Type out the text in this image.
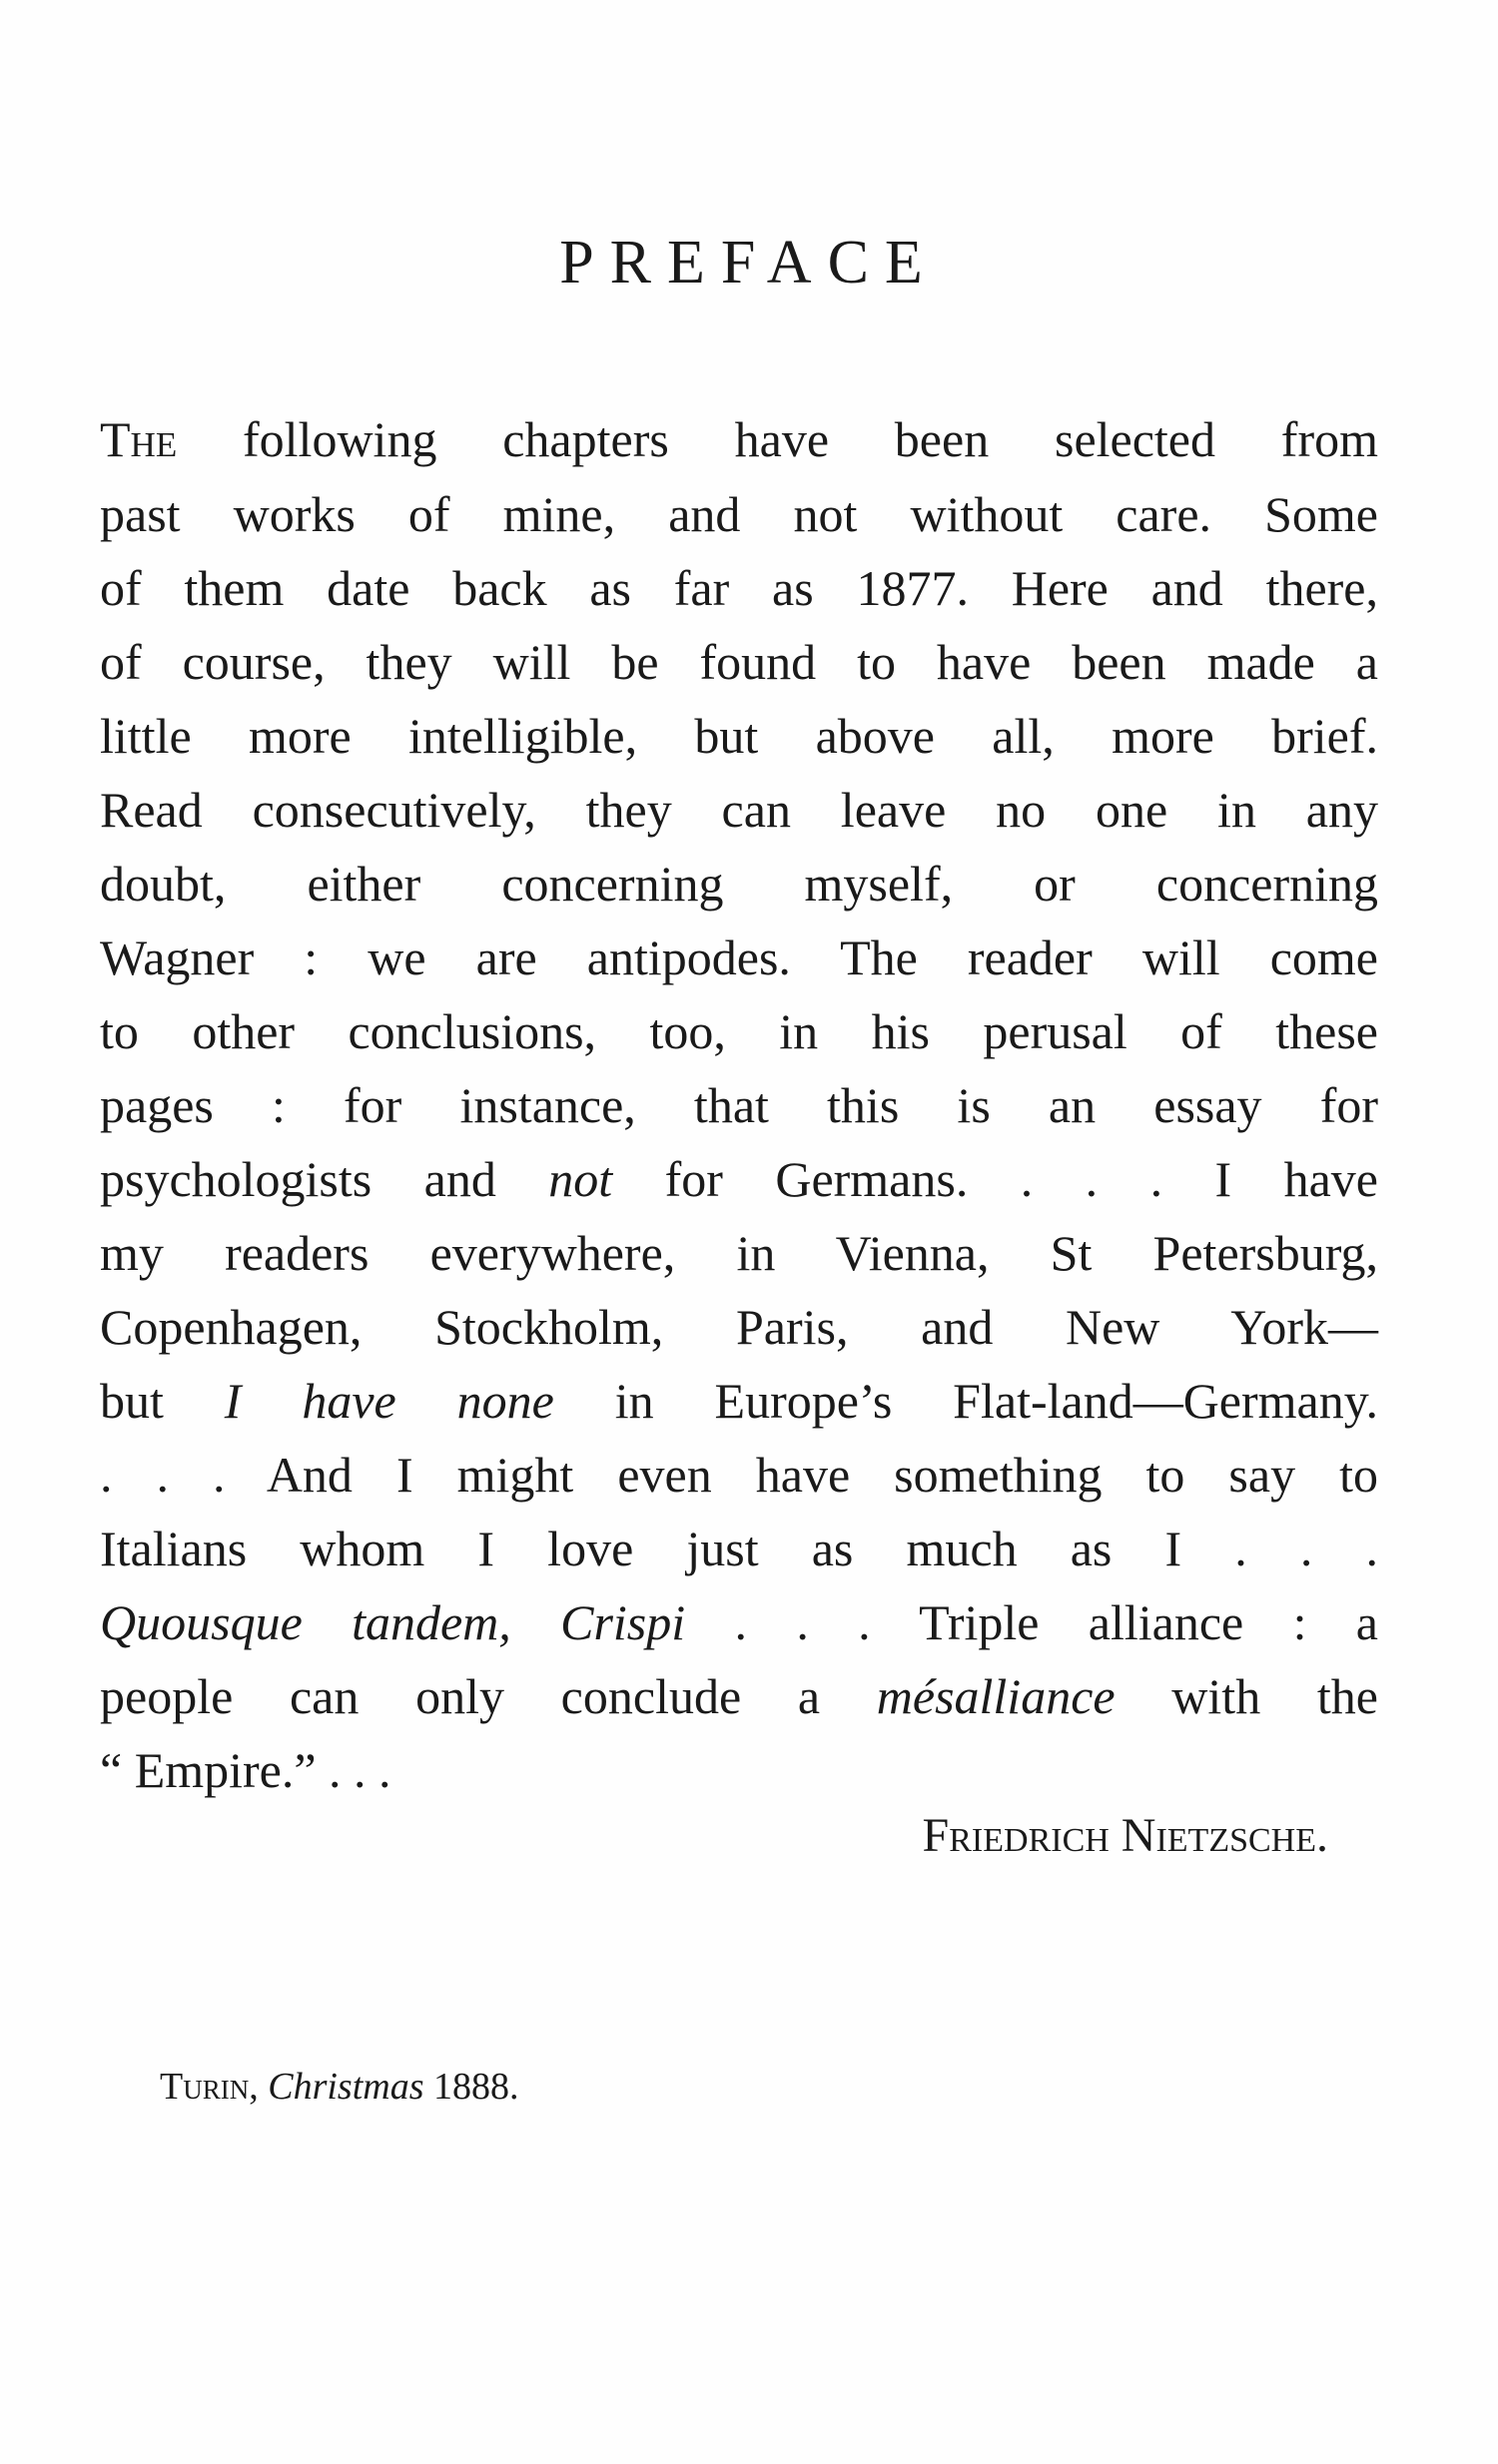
PREFACE
The following chapters have been selected from
past works of mine, and not without care. Some
of them date back as far as 1877. Here and there,
of course, they will be found to have been made a
little more intelligible, but above all, more brief.
Read consecutively, they can leave no one in any
doubt, either concerning myself, or concerning
Wagner : we are antipodes. The reader will come
to other conclusions, too, in his perusal of these
pages : for instance, that this is an essay for
psychologists and not for Germans. . . . I have
my readers everywhere, in Vienna, St Petersburg,
Copenhagen, Stockholm, Paris, and New York—
but I have none in Europe’s Flat-land—Germany.
. . . And I might even have something to say to
Italians whom I love just as much as I . . .
Quousque tandem, Crispi . . . Triple alliance : a
people can only conclude a mésalliance with the
“ Empire.” . . .
Friedrich Nietzsche.
Turin, Christmas 1888.
